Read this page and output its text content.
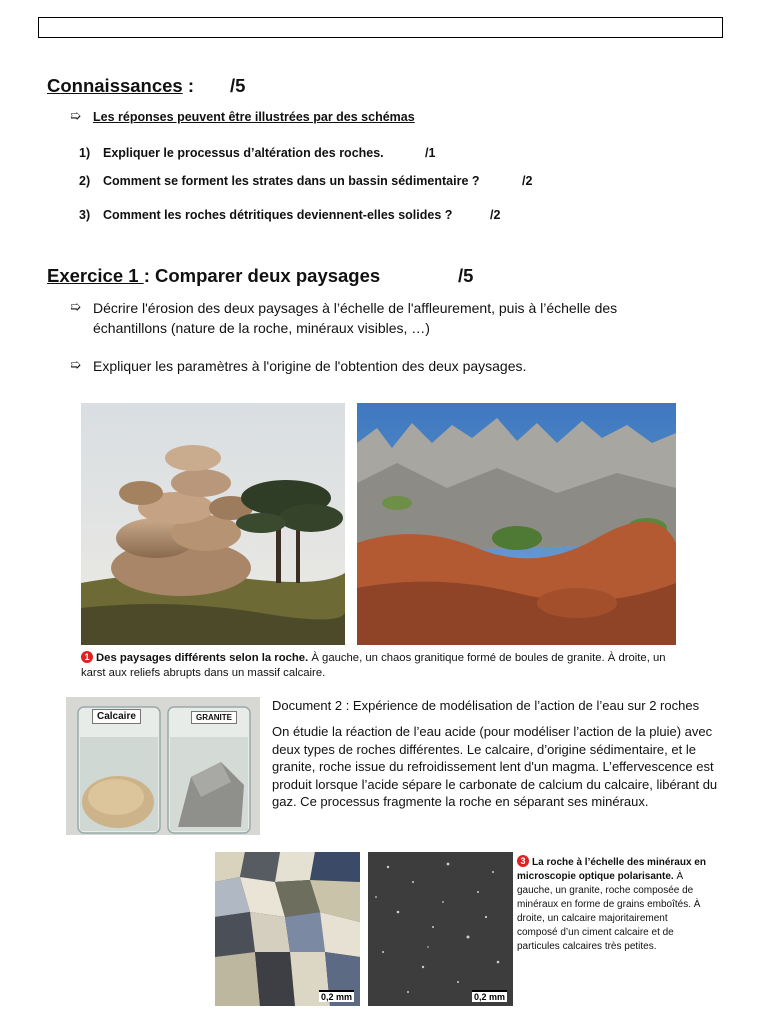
Connaissances : /5
➯ Les réponses peuvent être illustrées par des schémas
1) Expliquer le processus d’altération des roches.	/1
2) Comment se forment les strates dans un bassin sédimentaire ?	/2
3) Comment les roches détritiques deviennent-elles solides ?	/2
Exercice 1 : Comparer deux paysages	/5
➯ Décrire l'érosion des deux paysages à l’échelle de l'affleurement, puis à l’échelle des échantillons (nature de la roche, minéraux visibles, …)
➯ Expliquer les paramètres à l'origine de l'obtention des deux paysages.
1 Des paysages différents selon la roche. À gauche, un chaos granitique formé de boules de granite. À droite, un karst aux reliefs abrupts dans un massif calcaire.
Calcaire	GRANITE
Document 2 : Expérience de modélisation de l’action de l’eau sur 2 roches
On étudie la réaction de l’eau acide (pour modéliser l’action de la pluie) avec deux types de roches différentes. Le calcaire, d’origine sédimentaire, et le granite, roche issue du refroidissement lent d'un magma. L’effervescence est produit lorsque l’acide sépare le carbonate de calcium du calcaire, libérant du gaz. Ce processus fragmente la roche en séparant ses minéraux.
0,2 mm	0,2 mm
3 La roche à l’échelle des minéraux en microscopie optique polarisante. À gauche, un granite, roche composée de minéraux en forme de grains emboîtés. À droite, un calcaire majoritairement composé d’un ciment calcaire et de particules calcaires très petites.
